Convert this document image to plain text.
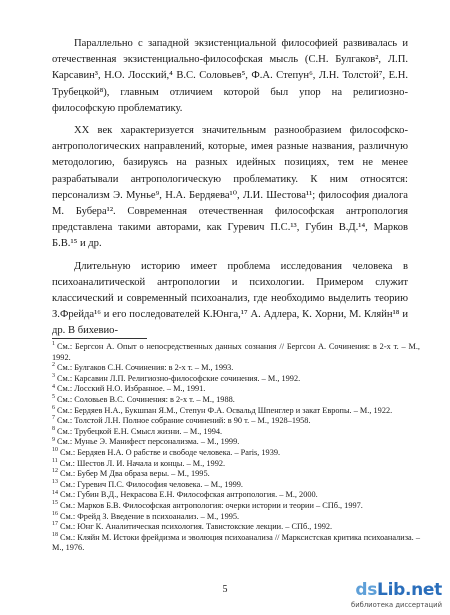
Параллельно с западной экзистенциальной философией развивалась и отечественная экзистенциально-философская мысль (С.Н. Булгаков², Л.П. Карсавин³, Н.О. Лосский,⁴ В.С. Соловьев⁵, Ф.А. Степун⁶, Л.Н. Толстой⁷, Е.Н. Трубецкой⁸), главным отличием которой был упор на религиозно-философскую проблематику.

XX век характеризуется значительным разнообразием философско-антропологических направлений, которые, имея разные названия, различную методологию, базируясь на разных идейных позициях, тем не менее разрабатывали антропологическую проблематику. К ним относятся: персонализм Э. Мунье⁹, Н.А. Бердяева¹⁰, Л.И. Шестова¹¹; философия диалога М. Бубера¹². Современная отечественная философская антропология представлена такими авторами, как Гуревич П.С.¹³, Губин В.Д.¹⁴, Марков Б.В.¹⁵ и др.

Длительную историю имеет проблема исследования человека в психоаналитической антропологии и психологии. Примером служит классический и современный психоанализ, где необходимо выделить теорию З.Фрейда¹⁶ и его последователей К.Юнга,¹⁷ А. Адлера, К. Хорни, М. Кляйн¹⁸ и др. В бихевио-

$^1$ См.: Бергсон А. Опыт о непосредственных данных сознания // Бергсон А. Сочинения: в 2-х т. – М., 1992.

$^2$ См.: Булгаков С.Н. Сочинения: в 2-х т. – М., 1993.

$^3$ См.: Карсавин Л.П. Религиозно-философские сочинения. – М., 1992.

$^4$ См.: Лосский Н.О. Избранное. – М., 1991.

$^5$ См.: Соловьев В.С. Сочинения: в 2-х т. – М., 1988.

$^6$ См.: Бердяев Н.А., Букшпан Я.М., Степун Ф.А. Освальд Шпенглер и закат Европы. – М., 1922.

$^7$ См.: Толстой Л.Н. Полное собрание сочинений: в 90 т. – М., 1928–1958.

$^8$ См.: Трубецкой Е.Н. Смысл жизни. – М., 1994.

$^9$ См.: Мунье Э. Манифест персонализма. – М., 1999.

$^{10}$ См.: Бердяев Н.А. О рабстве и свободе человека. – Paris, 1939.

$^{11}$ См.: Шестов Л. И. Начала и концы. – М., 1992.

$^{12}$ См.: Бубер М Два образа веры. – М., 1995.

$^{13}$ См.: Гуревич П.С. Философия человека. – М., 1999.

$^{14}$ См.: Губин В.Д., Некрасова Е.Н. Философская антропология. – М., 2000.

$^{15}$ См.: Марков Б.В. Философская антропология: очерки истории и теории – СПб., 1997.

$^{16}$ См.: Фрейд З. Введение в психоанализ. – М., 1995.

$^{17}$ См.: Юнг К. Аналитическая психология. Тавистокские лекции. – СПб., 1992.

$^{18}$ См.: Кляйн М. Истоки фрейдизма и эволюция психоанализа // Марксистская критика психоанализа. – М., 1976.

5	dsLib.net
библиотека диссертаций
